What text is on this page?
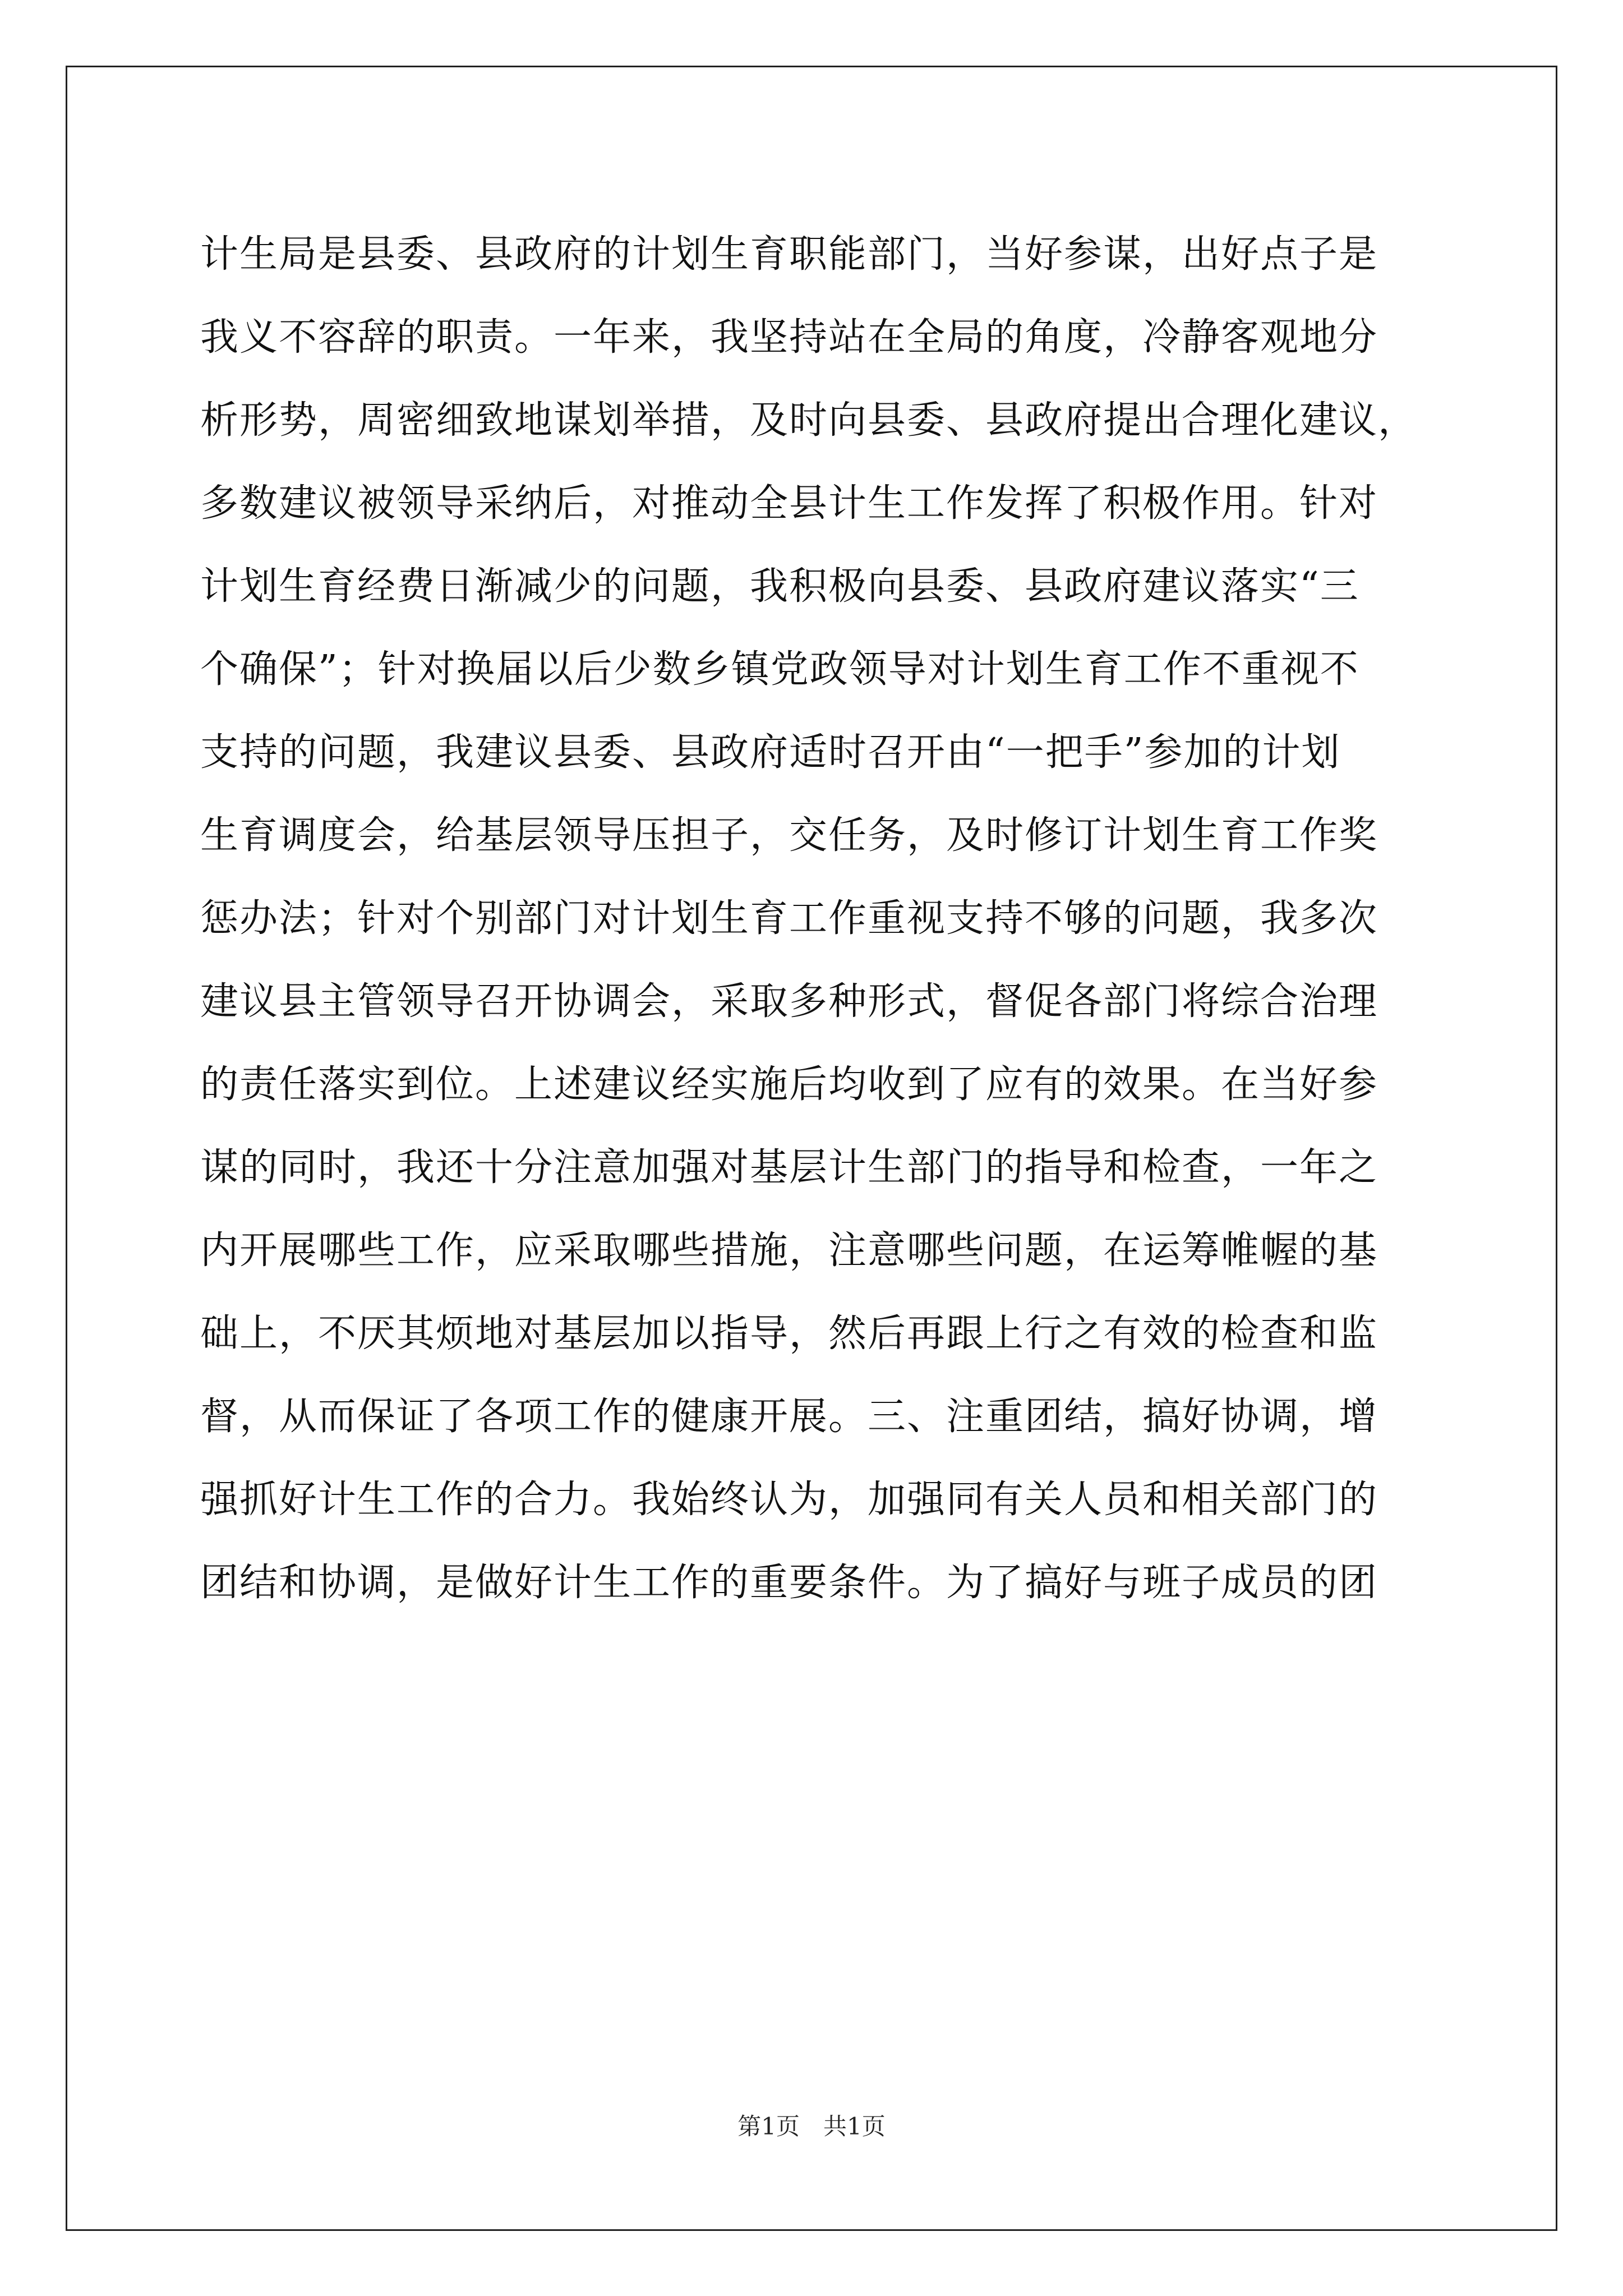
计生局是县委、县政府的计划生育职能部门，当好参谋，出好点子是
我义不容辞的职责。一年来，我坚持站在全局的角度，冷静客观地分
析形势，周密细致地谋划举措，及时向县委、县政府提出合理化建议，
多数建议被领导采纳后，对推动全县计生工作发挥了积极作用。针对
计划生育经费日渐减少的问题，我积极向县委、县政府建议落实“三
个确保”；针对换届以后少数乡镇党政领导对计划生育工作不重视不
支持的问题，我建议县委、县政府适时召开由“一把手”参加的计划
生育调度会，给基层领导压担子，交任务，及时修订计划生育工作奖
惩办法；针对个别部门对计划生育工作重视支持不够的问题，我多次
建议县主管领导召开协调会，采取多种形式，督促各部门将综合治理
的责任落实到位。上述建议经实施后均收到了应有的效果。在当好参
谋的同时，我还十分注意加强对基层计生部门的指导和检查，一年之
内开展哪些工作，应采取哪些措施，注意哪些问题，在运筹帷幄的基
础上，不厌其烦地对基层加以指导，然后再跟上行之有效的检查和监
督，从而保证了各项工作的健康开展。三、注重团结，搞好协调，增
强抓好计生工作的合力。我始终认为，加强同有关人员和相关部门的
团结和协调，是做好计生工作的重要条件。为了搞好与班子成员的团
第1页　共1页
